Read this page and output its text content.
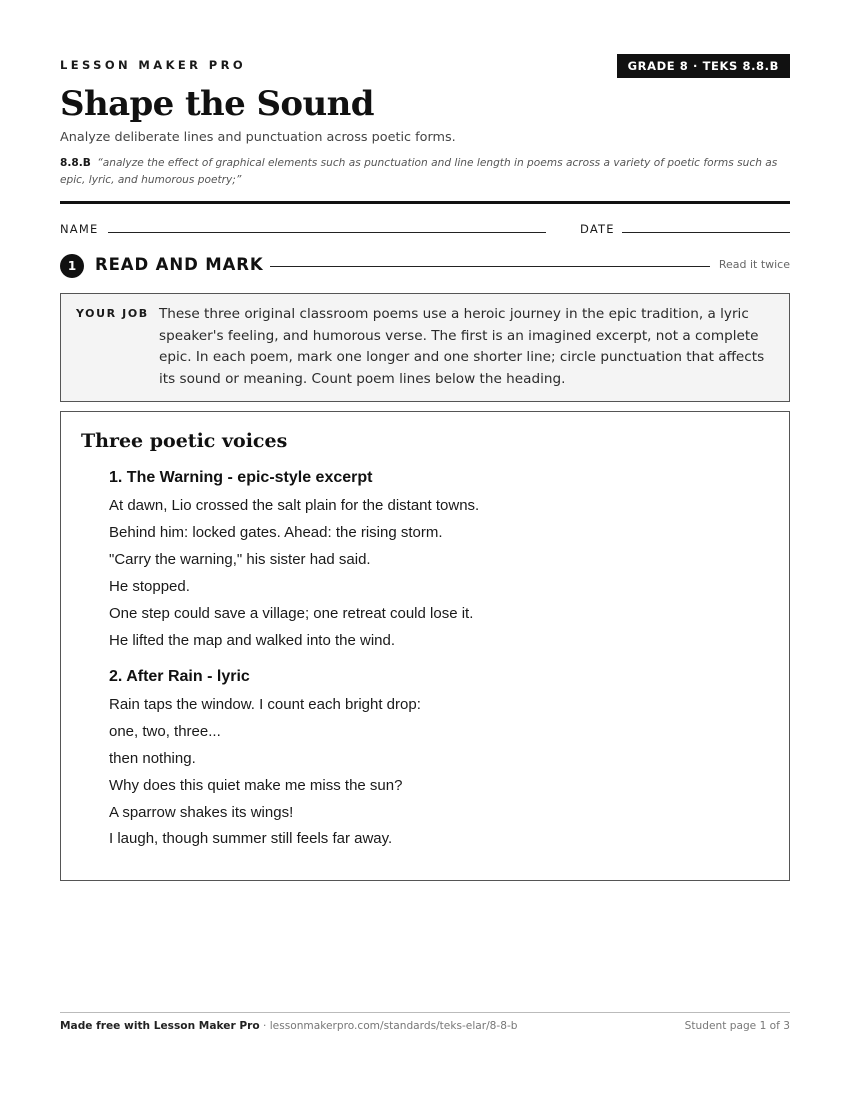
LESSON MAKER PRO	GRADE 8 · TEKS 8.8.B
Shape the Sound
Analyze deliberate lines and punctuation across poetic forms.
8.8.B “analyze the effect of graphical elements such as punctuation and line length in poems across a variety of poetic forms such as epic, lyric, and humorous poetry;”
NAME	DATE
1	READ AND MARK	Read it twice
YOUR JOB These three original classroom poems use a heroic journey in the epic tradition, a lyric speaker's feeling, and humorous verse. The first is an imagined excerpt, not a complete epic. In each poem, mark one longer and one shorter line; circle punctuation that affects its sound or meaning. Count poem lines below the heading.
Three poetic voices
1. The Warning - epic-style excerpt
At dawn, Lio crossed the salt plain for the distant towns.
Behind him: locked gates. Ahead: the rising storm.
"Carry the warning," his sister had said.
He stopped.
One step could save a village; one retreat could lose it.
He lifted the map and walked into the wind.
2. After Rain - lyric
Rain taps the window. I count each bright drop:
one, two, three...
then nothing.
Why does this quiet make me miss the sun?
A sparrow shakes its wings!
I laugh, though summer still feels far away.
Made free with Lesson Maker Pro · lessonmakerpro.com/standards/teks-elar/8-8-b	Student page 1 of 3
